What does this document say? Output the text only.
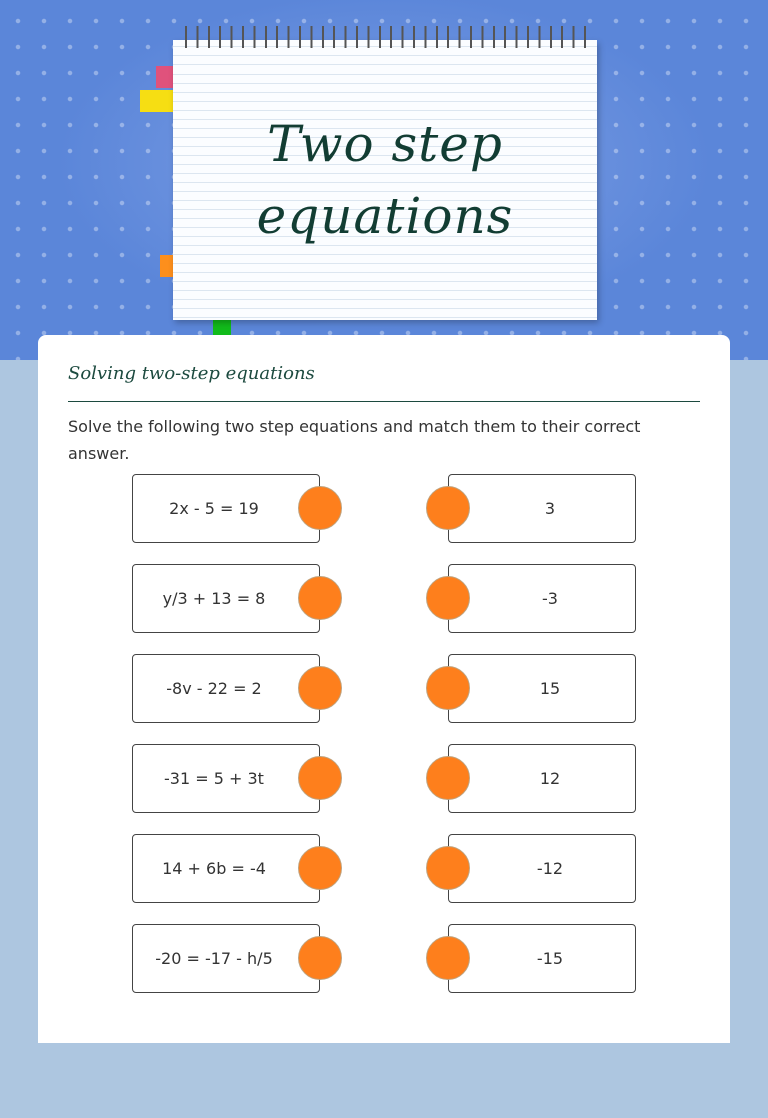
Two step equations
Solving two-step equations
Solve the following two step equations and match them to their correct answer.
2x - 5 = 19	3
y/3 + 13 = 8	-3
-8v - 22 = 2	15
-31 = 5 + 3t	12
14 + 6b = -4	-12
-20 = -17 - h/5	-15
